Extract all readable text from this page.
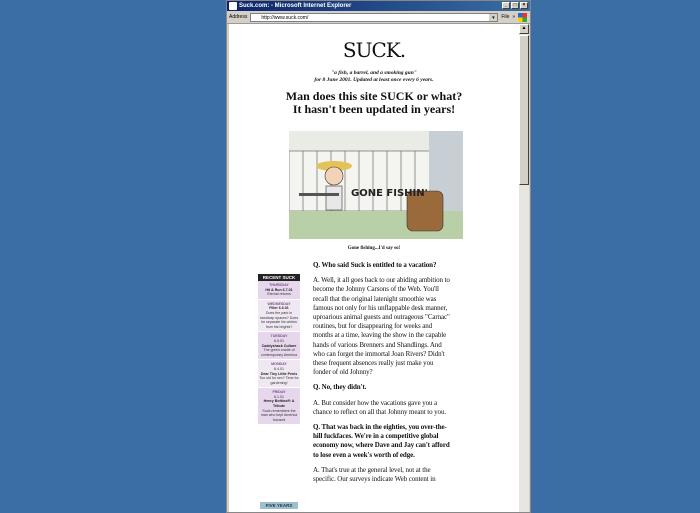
Suck.com: - Microsoft Internet Explorer	_	□	×
Address	http://www.suck.com/	▾	File »
SUCK.
"a fish, a barrel, and a smoking gun"
for 8 June 2001. Updated at least once every 6 years.
Man does this site SUCK or what?
It hasn't been updated in years!
GONE FISHIN'
Gone fishing...I'd say so!
RECENT SUCK
THURSDAY
Hit & Run 6.7.01
Eternal returns
WEDNESDAY
Filler 6.6.01
Does the park in handicap spaces? Does he separate his whites from his brights?
TUESDAY
6.5.01
Caddyshack Culture
The green cradle of contemporary America
MONDAY
6.4.01
Dear Tiny Little Penis
Too old for sex? Time for gardening!
FRIDAY
6.1.01
Henry Bottinoff: A Tribute
Suck remembers the man who kept America focused
FIVE YEARS

Q. Who said Suck is entitled to a vacation?

A. Well, it all goes back to our abiding ambition to become the Johnny Carsons of the Web. You'll recall that the original latenight smoothie was famous not only for his unflappable desk manner, uproarious animal guests and outrageous "Carnac" routines, but for disappearing for weeks and months at a time, leaving the show in the capable hands of various Brenners and Shandlings. And who can forget the immortal Joan Rivers? Didn't these frequent absences really just make you fonder of old Johnny?

Q. No, they didn't.

A. But consider how the vacations gave you a chance to reflect on all that Johnny meant to you.

Q. That was back in the eighties, you over-the-hill fuckfaces. We're in a competitive global economy now, where Dave and Jay can't afford to lose even a week's worth of edge.

A. That's true at the general level, not at the specific. Our surveys indicate Web content in

▲
